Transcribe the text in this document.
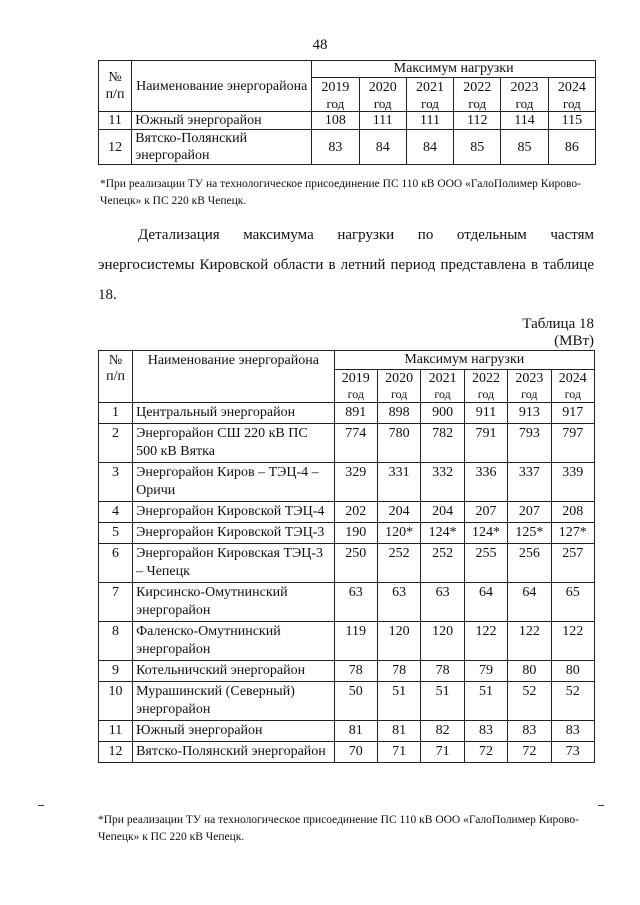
48
№ п/п	Наименование энергорайона	Максимум нагрузки					
		2019	2020	2021	2022	2023	2024
		год	год	год	год	год	год
11	Южный энергорайон	108	111	111	112	114	115
12	Вятско-Полянский энергорайон	83	84	84	85	85	86
*При реализации ТУ на технологическое присоединение ПС 110 кВ ООО «ГалоПолимер Кирово-Чепецк» к ПС 220 кВ Чепецк.
Детализация максимума нагрузки по отдельным частям энергосистемы Кировской области в летний период представлена в таблице 18.
Таблица 18
(МВт)
№ п/п	Наименование энергорайона	Максимум нагрузки					
		2019	2020	2021	2022	2023	2024
		год	год	год	год	год	год
1	Центральный энергорайон	891	898	900	911	913	917
2	Энергорайон СШ 220 кВ ПС 500 кВ Вятка	774	780	782	791	793	797
3	Энергорайон Киров – ТЭЦ-4 – Оричи	329	331	332	336	337	339
4	Энергорайон Кировской ТЭЦ-4	202	204	204	207	207	208
5	Энергорайон Кировской ТЭЦ-3	190	120*	124*	124*	125*	127*
6	Энергорайон Кировская ТЭЦ-3 – Чепецк	250	252	252	255	256	257
7	Кирсинско-Омутнинский энергорайон	63	63	63	64	64	65
8	Фаленско-Омутнинский энергорайон	119	120	120	122	122	122
9	Котельничский энергорайон	78	78	78	79	80	80
10	Мурашинский (Северный) энергорайон	50	51	51	51	52	52
11	Южный энергорайон	81	81	82	83	83	83
12	Вятско-Полянский энергорайон	70	71	71	72	72	73
*При реализации ТУ на технологическое присоединение ПС 110 кВ ООО «ГалоПолимер Кирово-Чепецк» к ПС 220 кВ Чепецк.
